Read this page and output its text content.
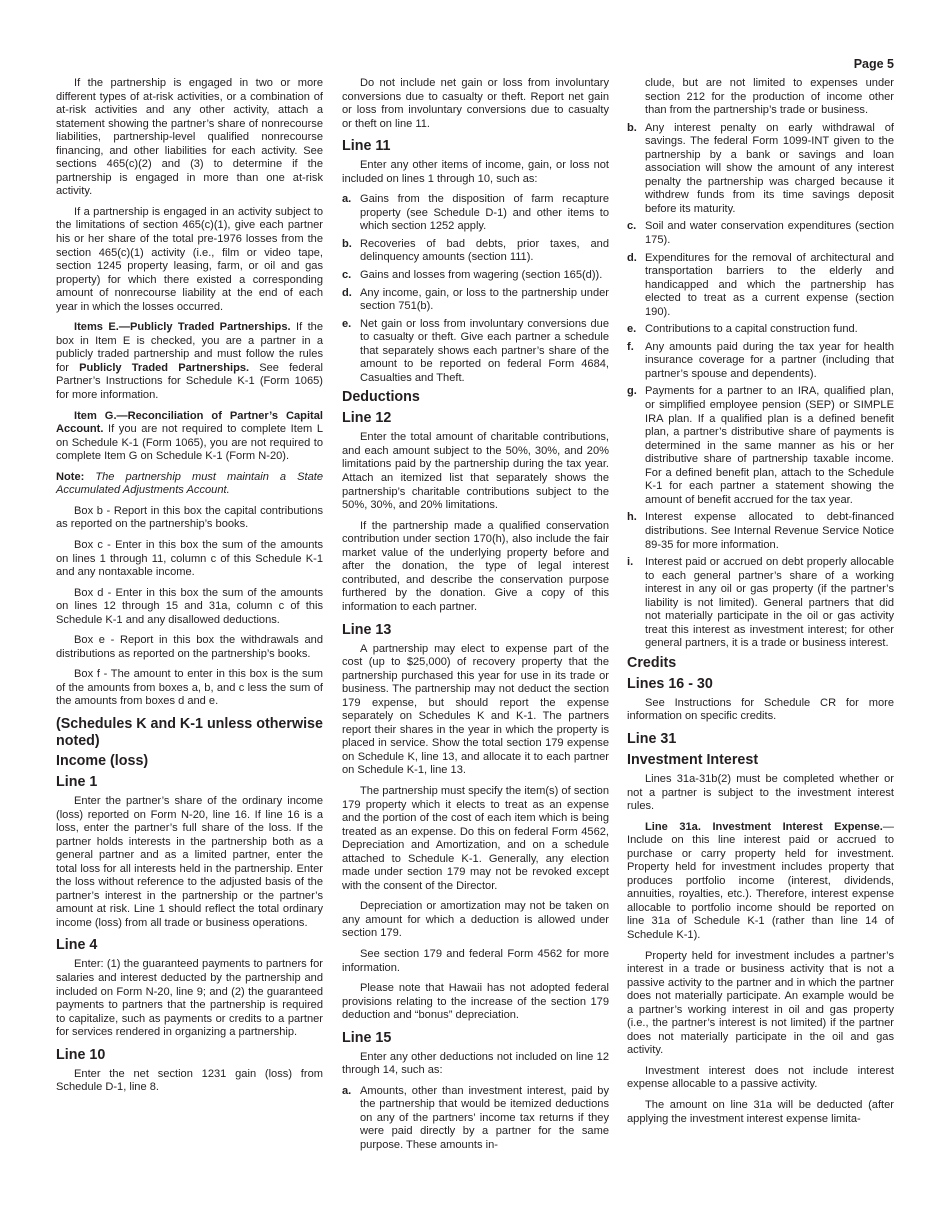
Page 5

If the partnership is engaged in two or more different types of at-risk activities, or a combination of at-risk activities and any other activity, attach a statement showing the partner’s share of nonrecourse liabilities, partnership-level qualified nonrecourse financing, and other liabilities for each activity. See sections 465(c)(2) and (3) to determine if the partnership is engaged in more than one at-risk activity.

If a partnership is engaged in an activity subject to the limitations of section 465(c)(1), give each partner his or her share of the total pre-1976 losses from the section 465(c)(1) activity (i.e., film or video tape, section 1245 property leasing, farm, or oil and gas property) for which there existed a corresponding amount of nonrecourse liability at the end of each year in which the losses occurred.

Items E.—Publicly Traded Partnerships. If the box in Item E is checked, you are a partner in a publicly traded partnership and must follow the rules for Publicly Traded Partnerships. See federal Partner’s Instructions for Schedule K-1 (Form 1065) for more information.

Item G.—Reconciliation of Partner’s Capital Account. If you are not required to complete Item L on Schedule K-1 (Form 1065), you are not required to complete Item G on Schedule K-1 (Form N-20).

Note: The partnership must maintain a State Accumulated Adjustments Account.

Box b - Report in this box the capital contributions as reported on the partnership’s books.

Box c - Enter in this box the sum of the amounts on lines 1 through 11, column c of this Schedule K-1 and any nontaxable income.

Box d - Enter in this box the sum of the amounts on lines 12 through 15 and 31a, column c of this Schedule K-1 and any disallowed deductions.

Box e - Report in this box the withdrawals and distributions as reported on the partnership’s books.

Box f - The amount to enter in this box is the sum of the amounts from boxes a, b, and c less the sum of the amounts from boxes d and e.

(Schedules K and K-1 unless otherwise noted)
Income (loss)
Line 1

Enter the partner’s share of the ordinary income (loss) reported on Form N-20, line 16. If line 16 is a loss, enter the partner’s full share of the loss. If the partner holds interests in the partnership both as a general partner and as a limited partner, enter the total loss for all interests held in the partnership. Enter the loss without reference to the adjusted basis of the partner’s interest in the partnership or the partner’s amount at risk. Line 1 should reflect the total ordinary income (loss) from all trade or business operations.

Line 4

Enter: (1) the guaranteed payments to partners for salaries and interest deducted by the partnership and included on Form N-20, line 9; and (2) the guaranteed payments to partners that the partnership is required to capitalize, such as payments or credits to a partner for services rendered in organizing a partnership.

Line 10

Enter the net section 1231 gain (loss) from Schedule D-1, line 8.

Do not include net gain or loss from involuntary conversions due to casualty or theft. Report net gain or loss from involuntary conversions due to casualty or theft on line 11.

Line 11

Enter any other items of income, gain, or loss not included on lines 1 through 10, such as:

a. Gains from the disposition of farm recapture property (see Schedule D-1) and other items to which section 1252 apply.
b. Recoveries of bad debts, prior taxes, and delinquency amounts (section 111).
c. Gains and losses from wagering (section 165(d)).
d. Any income, gain, or loss to the partnership under section 751(b).
e. Net gain or loss from involuntary conversions due to casualty or theft. Give each partner a schedule that separately shows each partner’s share of the amount to be reported on federal Form 4684, Casualties and Theft.
Deductions
Line 12

Enter the total amount of charitable contributions, and each amount subject to the 50%, 30%, and 20% limitations paid by the partnership during the tax year. Attach an itemized list that separately shows the partnership’s charitable contributions subject to the 50%, 30%, and 20% limitations.

If the partnership made a qualified conservation contribution under section 170(h), also include the fair market value of the underlying property before and after the donation, the type of legal interest contributed, and describe the conservation purpose furthered by the donation. Give a copy of this information to each partner.

Line 13

A partnership may elect to expense part of the cost (up to $25,000) of recovery property that the partnership purchased this year for use in its trade or business. The partnership may not deduct the section 179 expense, but should report the expense separately on Schedules K and K-1. The partners report their shares in the year in which the property is placed in service. Show the total section 179 expense on Schedule K, line 13, and allocate it to each partner on Schedule K-1, line 13.

The partnership must specify the item(s) of section 179 property which it elects to treat as an expense and the portion of the cost of each item which is being treated as an expense. Do this on federal Form 4562, Depreciation and Amortization, and on a schedule attached to Schedule K-1. Generally, any election made under section 179 may not be revoked except with the consent of the Director.

Depreciation or amortization may not be taken on any amount for which a deduction is allowed under section 179.

See section 179 and federal Form 4562 for more information.

Please note that Hawaii has not adopted federal provisions relating to the increase of the section 179 deduction and “bonus” depreciation.

Line 15

Enter any other deductions not included on line 12 through 14, such as:

a. Amounts, other than investment interest, paid by the partnership that would be itemized deductions on any of the partners’ income tax returns if they were paid directly by a partner for the same purpose. These amounts in-
clude, but are not limited to expenses under section 212 for the production of income other than from the partnership’s trade or business.
b. Any interest penalty on early withdrawal of savings. The federal Form 1099-INT given to the partnership by a bank or savings and loan association will show the amount of any interest penalty the partnership was charged because it withdrew funds from its time savings deposit before its maturity.
c. Soil and water conservation expenditures (section 175).
d. Expenditures for the removal of architectural and transportation barriers to the elderly and handicapped and which the partnership has elected to treat as a current expense (section 190).
e. Contributions to a capital construction fund.
f.	Any amounts paid during the tax year for health insurance coverage for a partner (including that partner’s spouse and dependents).
g. Payments for a partner to an IRA, qualified plan, or simplified employee pension (SEP) or SIMPLE IRA plan. If a qualified plan is a defined benefit plan, a partner’s distributive share of payments is determined in the same manner as his or her distributive share of partnership taxable income. For a defined benefit plan, attach to the Schedule K-1 for each partner a statement showing the amount of benefit accrued for the tax year.
h. Interest expense allocated to debt-financed distributions. See Internal Revenue Service Notice 89-35 for more information.
i.	Interest paid or accrued on debt properly allocable to each general partner’s share of a working interest in any oil or gas property (if the partner’s liability is not limited). General partners that did not materially participate in the oil or gas activity treat this interest as investment interest; for other general partners, it is a trade or business interest.
Credits
Lines 16 - 30

See Instructions for Schedule CR for more information on specific credits.

Line 31
Investment Interest

Lines 31a-31b(2) must be completed whether or not a partner is subject to the investment interest rules.

Line 31a. Investment Interest Expense.—Include on this line interest paid or accrued to purchase or carry property held for investment. Property held for investment includes property that produces portfolio income (interest, dividends, annuities, royalties, etc.). Therefore, interest expense allocable to portfolio income should be reported on line 31a of Schedule K-1 (rather than line 14 of Schedule K-1).

Property held for investment includes a partner’s interest in a trade or business activity that is not a passive activity to the partner and in which the partner does not materially participate. An example would be a partner’s working interest in oil and gas property (i.e., the partner’s interest is not limited) if the partner does not materially participate in the oil and gas activity.

Investment interest does not include interest expense allocable to a passive activity.

The amount on line 31a will be deducted (after applying the investment interest expense limita-
